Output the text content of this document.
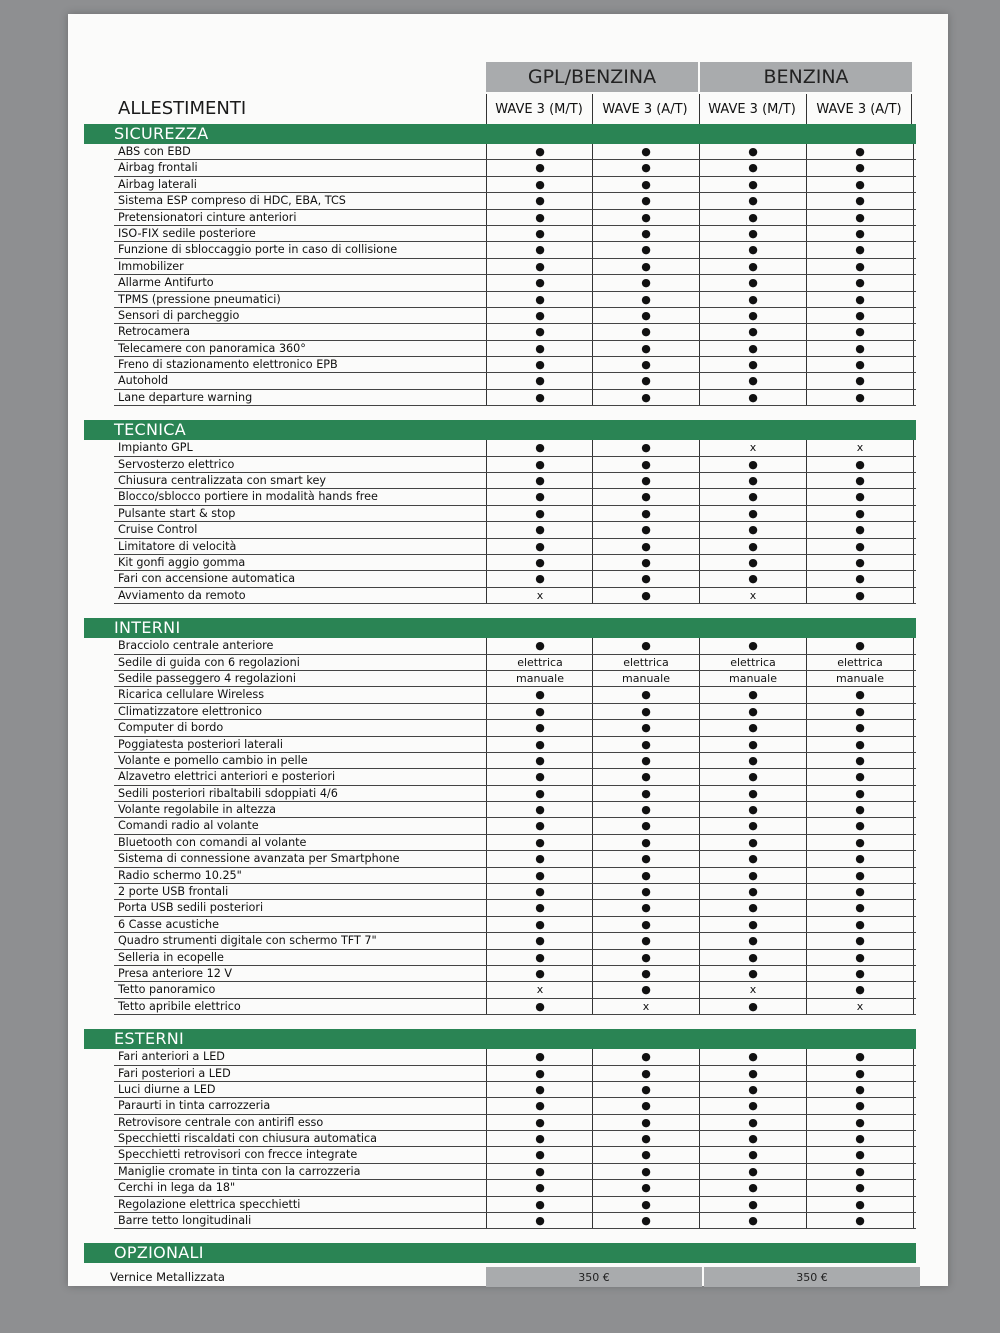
GPL/BENZINA	BENZINA
ALLESTIMENTI	WAVE 3 (M/T)	WAVE 3 (A/T)	WAVE 3 (M/T)	WAVE 3 (A/T)
SICUREZZA
ABS con EBD	●	●	●	●
Airbag frontali	●	●	●	●
Airbag laterali	●	●	●	●
Sistema ESP compreso di HDC, EBA, TCS	●	●	●	●
Pretensionatori cinture anteriori	●	●	●	●
ISO-FIX sedile posteriore	●	●	●	●
Funzione di sbloccaggio porte in caso di collisione	●	●	●	●
Immobilizer	●	●	●	●
Allarme Antifurto	●	●	●	●
TPMS (pressione pneumatici)	●	●	●	●
Sensori di parcheggio	●	●	●	●
Retrocamera	●	●	●	●
Telecamere con panoramica 360°	●	●	●	●
Freno di stazionamento elettronico EPB	●	●	●	●
Autohold	●	●	●	●
Lane departure warning	●	●	●	●
TECNICA
Impianto GPL	●	●	x	x
Servosterzo elettrico	●	●	●	●
Chiusura centralizzata con smart key	●	●	●	●
Blocco/sblocco portiere in modalità hands free	●	●	●	●
Pulsante start & stop	●	●	●	●
Cruise Control	●	●	●	●
Limitatore di velocità	●	●	●	●
Kit gonfi aggio gomma	●	●	●	●
Fari con accensione automatica	●	●	●	●
Avviamento da remoto	x	●	x	●
INTERNI
Bracciolo centrale anteriore	●	●	●	●
Sedile di guida con 6 regolazioni	elettrica	elettrica	elettrica	elettrica
Sedile passeggero 4 regolazioni	manuale	manuale	manuale	manuale
Ricarica cellulare Wireless	●	●	●	●
Climatizzatore elettronico	●	●	●	●
Computer di bordo	●	●	●	●
Poggiatesta posteriori laterali	●	●	●	●
Volante e pomello cambio in pelle	●	●	●	●
Alzavetro elettrici anteriori e posteriori	●	●	●	●
Sedili posteriori ribaltabili sdoppiati 4/6	●	●	●	●
Volante regolabile in altezza	●	●	●	●
Comandi radio al volante	●	●	●	●
Bluetooth con comandi al volante	●	●	●	●
Sistema di connessione avanzata per Smartphone	●	●	●	●
Radio schermo 10.25"	●	●	●	●
2 porte USB frontali	●	●	●	●
Porta USB sedili posteriori	●	●	●	●
6 Casse acustiche	●	●	●	●
Quadro strumenti digitale con schermo TFT 7"	●	●	●	●
Selleria in ecopelle	●	●	●	●
Presa anteriore 12 V	●	●	●	●
Tetto panoramico	x	●	x	●
Tetto apribile elettrico	●	x	●	x
ESTERNI
Fari anteriori a LED	●	●	●	●
Fari posteriori a LED	●	●	●	●
Luci diurne a LED	●	●	●	●
Paraurti in tinta carrozzeria	●	●	●	●
Retrovisore centrale con antirifl esso	●	●	●	●
Specchietti riscaldati con chiusura automatica	●	●	●	●
Specchietti retrovisori con frecce integrate	●	●	●	●
Maniglie cromate in tinta con la carrozzeria	●	●	●	●
Cerchi in lega da 18"	●	●	●	●
Regolazione elettrica specchietti	●	●	●	●
Barre tetto longitudinali	●	●	●	●
OPZIONALI
Vernice Metallizzata	350 €	350 €
